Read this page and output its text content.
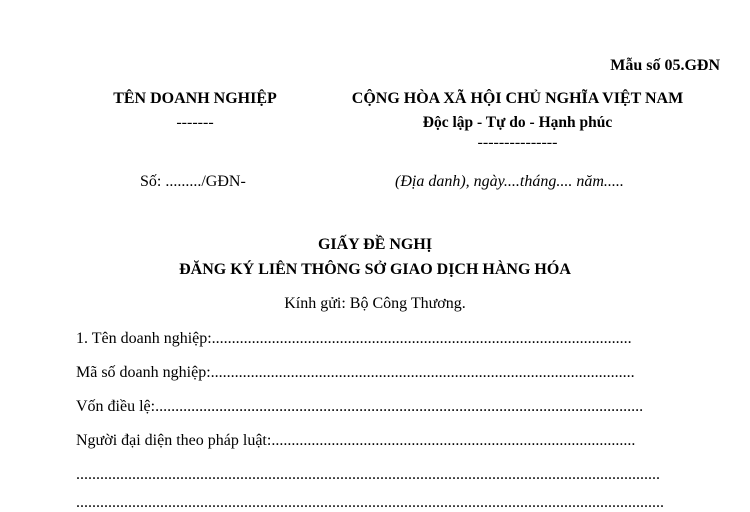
Mẫu số 05.GĐN
TÊN DOANH NGHIỆP
-------
CỘNG HÒA XÃ HỘI CHỦ NGHĨA VIỆT NAM
Độc lập - Tự do - Hạnh phúc
---------------
Số: ........./GĐN-	(Địa danh), ngày....tháng.... năm.....
GIẤY ĐỀ NGHỊ
ĐĂNG KÝ LIÊN THÔNG SỞ GIAO DỊCH HÀNG HÓA
Kính gửi: Bộ Công Thương.
1. Tên doanh nghiệp:.........................................................................................................
Mã số doanh nghiệp:..........................................................................................................
Vốn điều lệ:..........................................................................................................................
Người đại diện theo pháp luật:...........................................................................................
..................................................................................................................................................
...................................................................................................................................................
